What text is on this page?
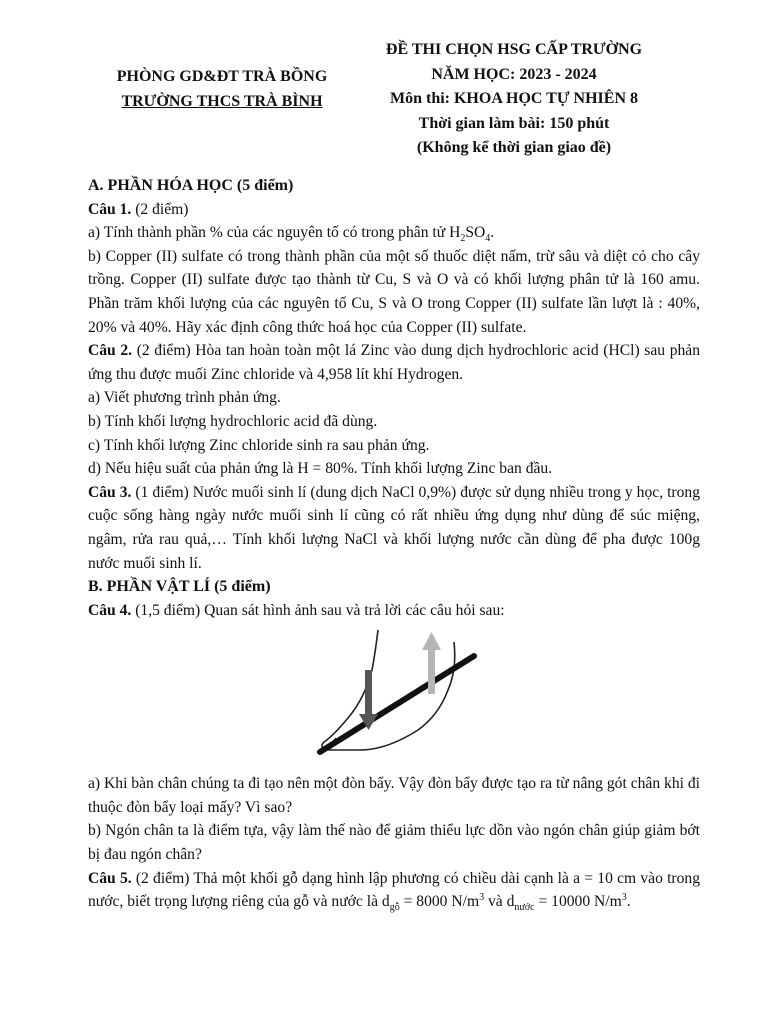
PHÒNG GD&ĐT TRÀ BỒNG
TRƯỜNG THCS TRÀ BÌNH
ĐỀ THI CHỌN HSG CẤP TRƯỜNG
NĂM HỌC: 2023 - 2024
Môn thi: KHOA HỌC TỰ NHIÊN 8
Thời gian làm bài: 150 phút
(Không kể thời gian giao đề)

A. PHẦN HÓA HỌC (5 điểm)

Câu 1. (2 điểm)

a) Tính thành phần % của các nguyên tố có trong phân tử $H_2SO_4$.

b) Copper (II) sulfate có trong thành phần của một số thuốc diệt nấm, trừ sâu và diệt cỏ cho cây trồng. Copper (II) sulfate được tạo thành từ Cu, S và O và có khối lượng phân tử là 160 amu. Phần trăm khối lượng của các nguyên tố Cu, S và O trong Copper (II) sulfate lần lượt là : 40%, 20% và 40%. Hãy xác định công thức hoá học của Copper (II) sulfate.

Câu 2. (2 điểm) Hòa tan hoàn toàn một lá Zinc vào dung dịch hydrochloric acid (HCl) sau phản ứng thu được muối Zinc chloride và 4,958 lít khí Hydrogen.

a) Viết phương trình phản ứng.

b) Tính khối lượng hydrochloric acid đã dùng.

c) Tính khối lượng Zinc chloride sinh ra sau phản ứng.

d) Nếu hiệu suất của phản ứng là H = 80%. Tính khối lượng Zinc ban đầu.

Câu 3. (1 điểm) Nước muối sinh lí (dung dịch NaCl 0,9%) được sử dụng nhiều trong y học, trong cuộc sống hàng ngày nước muối sinh lí cũng có rất nhiều ứng dụng như dùng để súc miệng, ngâm, rửa rau quả,… Tính khối lượng NaCl và khối lượng nước cần dùng để pha được 100g nước muối sinh lí.

B. PHẦN VẬT LÍ (5 điểm)

Câu 4. (1,5 điểm) Quan sát hình ảnh sau và trả lời các câu hỏi sau:

a) Khi bàn chân chúng ta đi tạo nên một đòn bẩy. Vậy đòn bẩy được tạo ra từ nâng gót chân khi đi thuộc đòn bẩy loại mấy? Vì sao?

b) Ngón chân ta là điểm tựa, vậy làm thế nào để giảm thiểu lực dồn vào ngón chân giúp giảm bớt bị đau ngón chân?

Câu 5. (2 điểm) Thả một khối gỗ dạng hình lập phương có chiều dài cạnh là a = 10 cm vào trong nước, biết trọng lượng riêng của gỗ và nước là $d_{gỗ} = 8000$ $N/m^3$ và $d_{nước} = 10000$ $N/m^3$.
